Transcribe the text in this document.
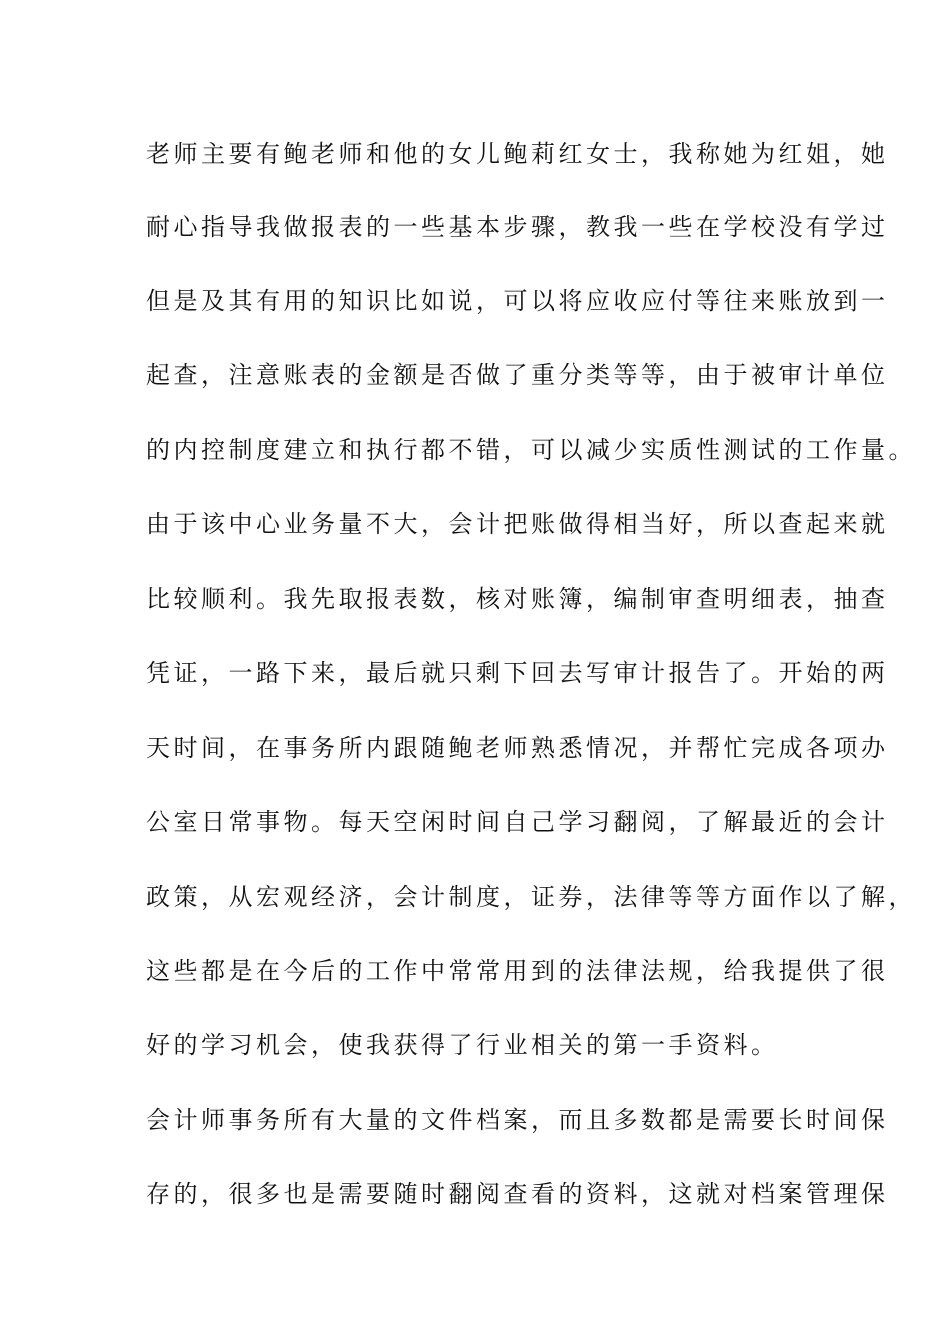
老师主要有鲍老师和他的女儿鲍莉红女士，我称她为红姐，她
耐心指导我做报表的一些基本步骤，教我一些在学校没有学过
但是及其有用的知识比如说，可以将应收应付等往来账放到一
起查，注意账表的金额是否做了重分类等等，由于被审计单位
的内控制度建立和执行都不错，可以减少实质性测试的工作量。
由于该中心业务量不大，会计把账做得相当好，所以查起来就
比较顺利。我先取报表数，核对账簿，编制审查明细表，抽查
凭证，一路下来，最后就只剩下回去写审计报告了。开始的两
天时间，在事务所内跟随鲍老师熟悉情况，并帮忙完成各项办
公室日常事物。每天空闲时间自己学习翻阅，了解最近的会计
政策，从宏观经济，会计制度，证券，法律等等方面作以了解，
这些都是在今后的工作中常常用到的法律法规，给我提供了很
好的学习机会，使我获得了行业相关的第一手资料。
会计师事务所有大量的文件档案，而且多数都是需要长时间保
存的，很多也是需要随时翻阅查看的资料，这就对档案管理保
